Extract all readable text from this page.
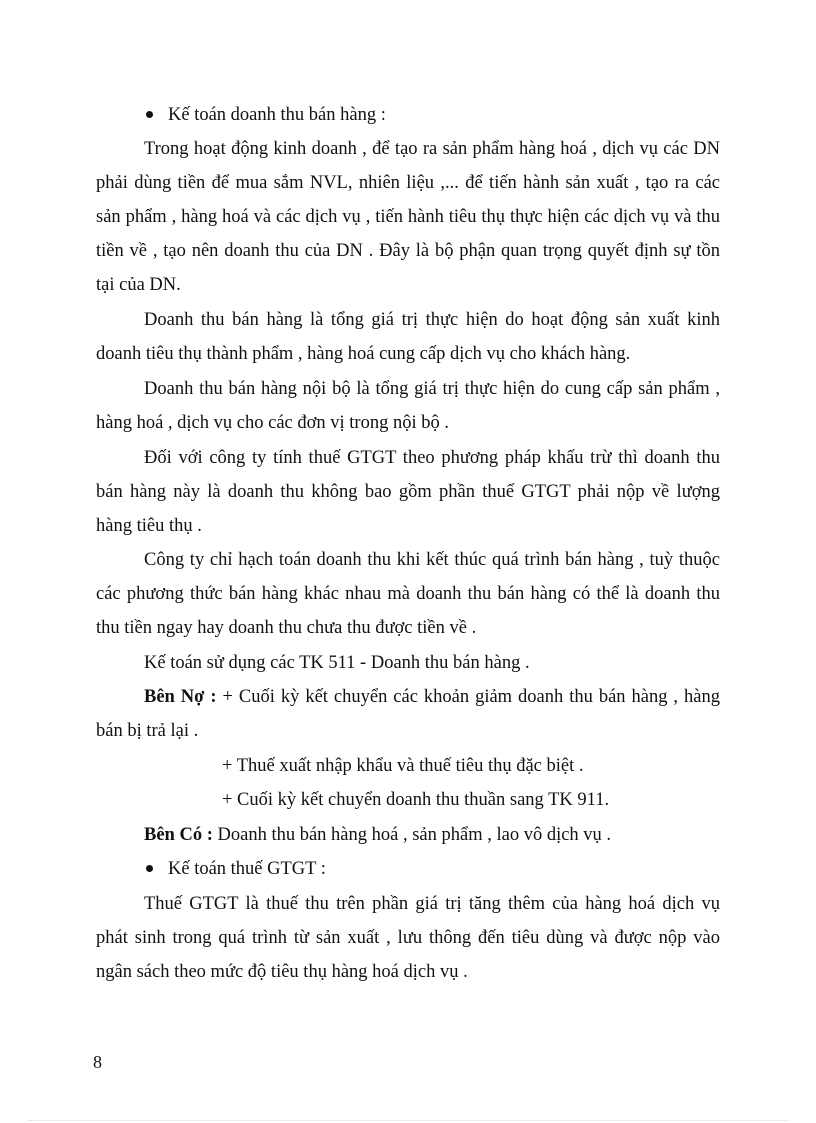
Kế toán doanh thu bán hàng :
Trong hoạt động kinh doanh , để tạo ra sản phẩm hàng hoá , dịch vụ các DN
phải dùng tiền để mua sắm NVL, nhiên liệu ,... để tiến hành sản xuất , tạo ra các
sản phẩm , hàng hoá và các dịch vụ , tiến hành tiêu thụ thực hiện các dịch vụ và thu
tiền về , tạo nên doanh thu của DN . Đây là bộ phận quan trọng quyết định sự tồn
tại của DN.
Doanh thu bán hàng là tổng giá trị thực hiện do hoạt động sản xuất kinh
doanh tiêu thụ thành phẩm , hàng hoá cung cấp dịch vụ cho khách hàng.
Doanh thu bán hàng nội bộ là tổng giá trị thực hiện do cung cấp sản phẩm ,
hàng hoá , dịch vụ cho các đơn vị trong nội bộ .
Đối với công ty tính thuế GTGT theo phương pháp khấu trừ thì doanh thu
bán hàng này là doanh thu không bao gồm phần thuế GTGT phải nộp về lượng
hàng tiêu thụ .
Công ty chỉ hạch toán doanh thu khi kết thúc quá trình bán hàng , tuỳ thuộc
các phương thức bán hàng khác nhau mà doanh thu bán hàng có thể là doanh thu
thu tiền ngay hay doanh thu chưa thu được tiền về .
Kế toán sử dụng các TK 511 - Doanh thu bán hàng .
Bên Nợ : + Cuối kỳ kết chuyển các khoản giảm doanh thu bán hàng , hàng
bán bị trả lại .
+ Thuế xuất nhập khẩu và thuế tiêu thụ đặc biệt .
+ Cuối kỳ kết chuyển doanh thu thuần sang TK 911.
Bên Có : Doanh thu bán hàng hoá , sản phẩm , lao vô dịch vụ .
Kế toán thuế GTGT :
Thuế GTGT là thuế thu trên phần giá trị tăng thêm của hàng hoá dịch vụ
phát sinh trong quá trình từ sản xuất , lưu thông đến tiêu dùng và được nộp vào
ngân sách theo mức độ tiêu thụ hàng hoá dịch vụ .
8
